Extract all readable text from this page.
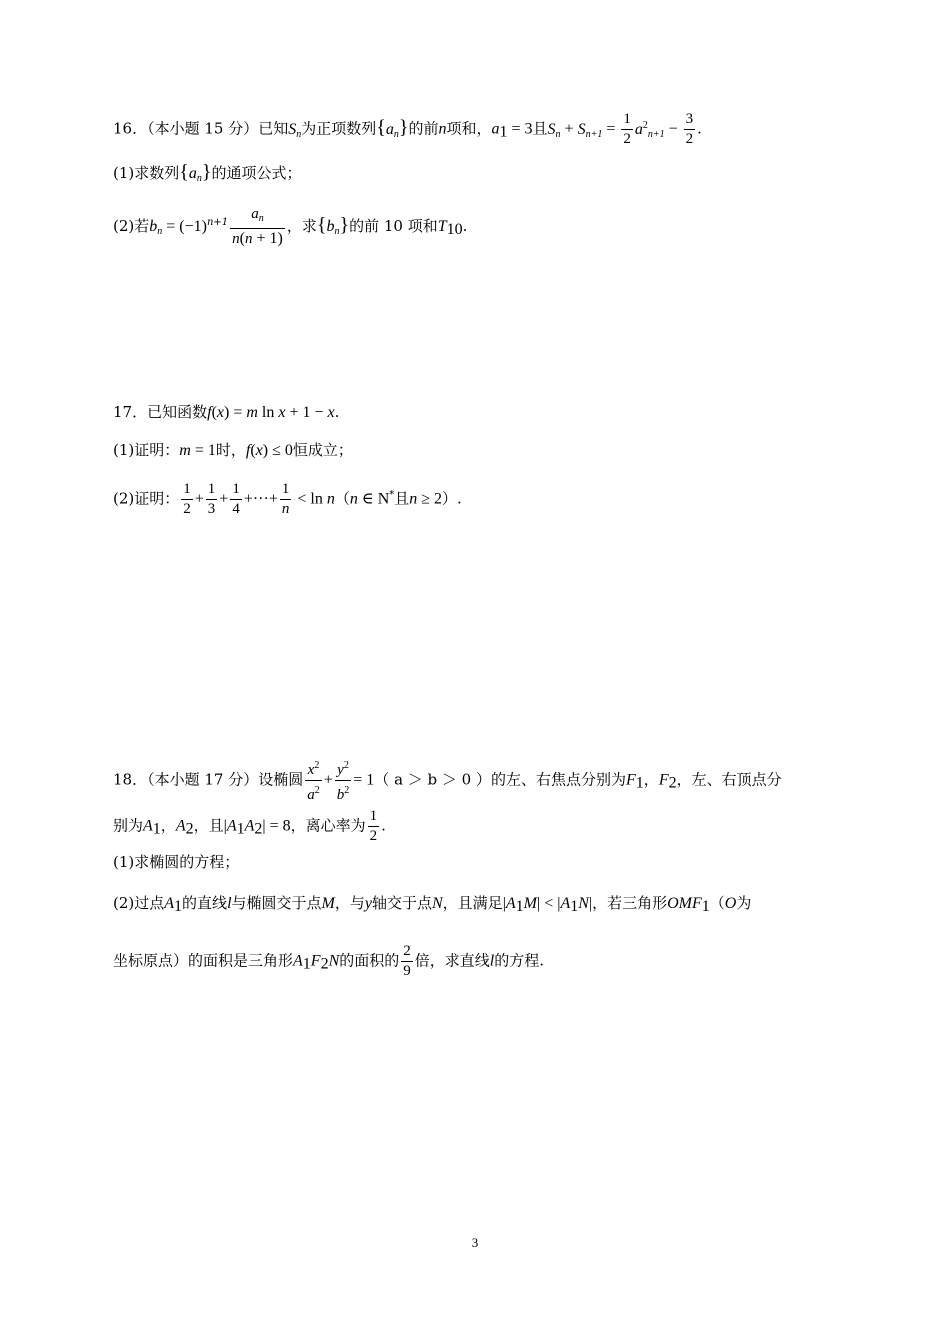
16．（本小题 15 分）已知$S_n$为正项数列$\{a_n\}$的前n项和，$a_1 = 3$且$S_n + S_{n+1} = \frac{1}{2} a^2_{n+1} - \frac{3}{2}$ .
(1)求数列$\{a_n\}$的通项公式；
(2)若$b_n = (-1)^{n+1} \frac{a_n}{n(n + 1)}$ ，求$\{b_n\}$的前 10 项和$T_{10}$.
17．已知函数f(x) = m ln x + 1 − x.
(1)证明：m = 1时，f(x) ≤ 0恒成立；
(2)证明： $\frac{1}{2} + \frac{1}{3} + \frac{1}{4}$ +···+ $\frac{1}{n} < \ln n(n$ ∈ N*且n ≥ 2）.
18．（本小题 17 分）设椭圆 $\frac{x^2}{a^2} + \frac{y^2}{b^2} = 1$（ a ＞ b ＞ 0 ）的左、右焦点分别为$F_1$，$F_2$，左、右顶点分
别为$A_1$，$A_2$，且$|A_1A_2| = 8$，离心率为 $\frac{1}{2}$ .
(1)求椭圆的方程；
(2)过点$A_1$的直线l与椭圆交于点M，与y轴交于点N，且满足$|A_1M| < |A_1N|$，若三角形$OMF_1(O$为
坐标原点）的面积是三角形$A_1F_2N$的面积的 $\frac{2}{9}$ 倍，求直线l的方程.
3
